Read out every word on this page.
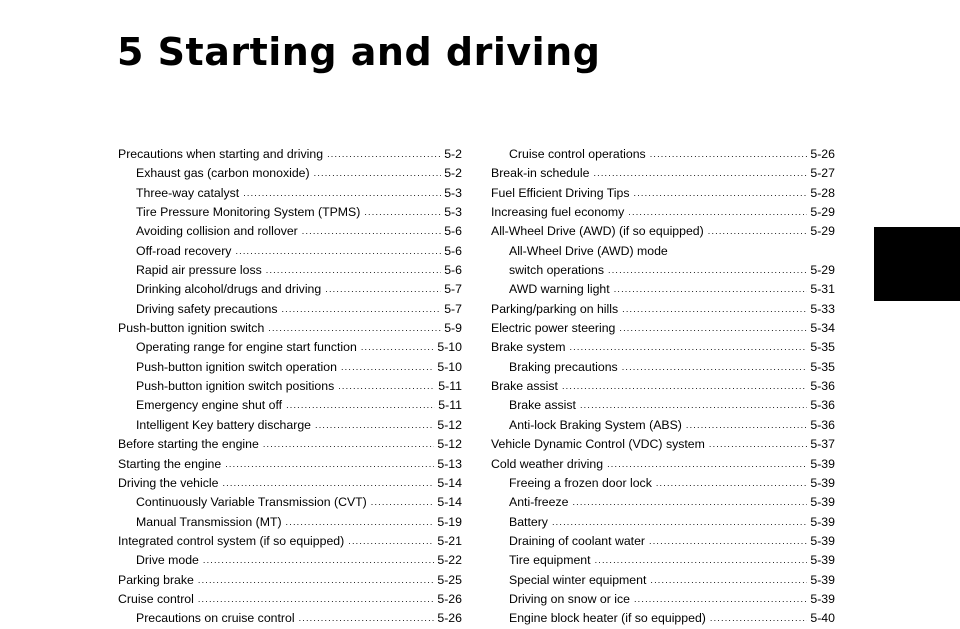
5 Starting and driving
Precautions when starting and driving .....	5-2
Exhaust gas (carbon monoxide) .....	5-2
Three-way catalyst .....	5-3
Tire Pressure Monitoring System (TPMS) .....	5-3
Avoiding collision and rollover .....	5-6
Off-road recovery .....	5-6
Rapid air pressure loss .....	5-6
Drinking alcohol/drugs and driving .....	5-7
Driving safety precautions .....	5-7
Push-button ignition switch .....	5-9
Operating range for engine start function .....	5-10
Push-button ignition switch operation .....	5-10
Push-button ignition switch positions .....	5-11
Emergency engine shut off .....	5-11
Intelligent Key battery discharge .....	5-12
Before starting the engine .....	5-12
Starting the engine .....	5-13
Driving the vehicle .....	5-14
Continuously Variable Transmission (CVT) .....	5-14
Manual Transmission (MT) .....	5-19
Integrated control system (if so equipped) .....	5-21
Drive mode .....	5-22
Parking brake .....	5-25
Cruise control .....	5-26
Precautions on cruise control .....	5-26
Cruise control operations .....	5-26
Break-in schedule .....	5-27
Fuel Efficient Driving Tips .....	5-28
Increasing fuel economy .....	5-29
All-Wheel Drive (AWD) (if so equipped) .....	5-29
All-Wheel Drive (AWD) mode
switch operations .....	5-29
AWD warning light .....	5-31
Parking/parking on hills .....	5-33
Electric power steering .....	5-34
Brake system .....	5-35
Braking precautions .....	5-35
Brake assist .....	5-36
Brake assist .....	5-36
Anti-lock Braking System (ABS) .....	5-36
Vehicle Dynamic Control (VDC) system .....	5-37
Cold weather driving .....	5-39
Freeing a frozen door lock .....	5-39
Anti-freeze .....	5-39
Battery .....	5-39
Draining of coolant water .....	5-39
Tire equipment .....	5-39
Special winter equipment .....	5-39
Driving on snow or ice .....	5-39
Engine block heater (if so equipped) .....	5-40
